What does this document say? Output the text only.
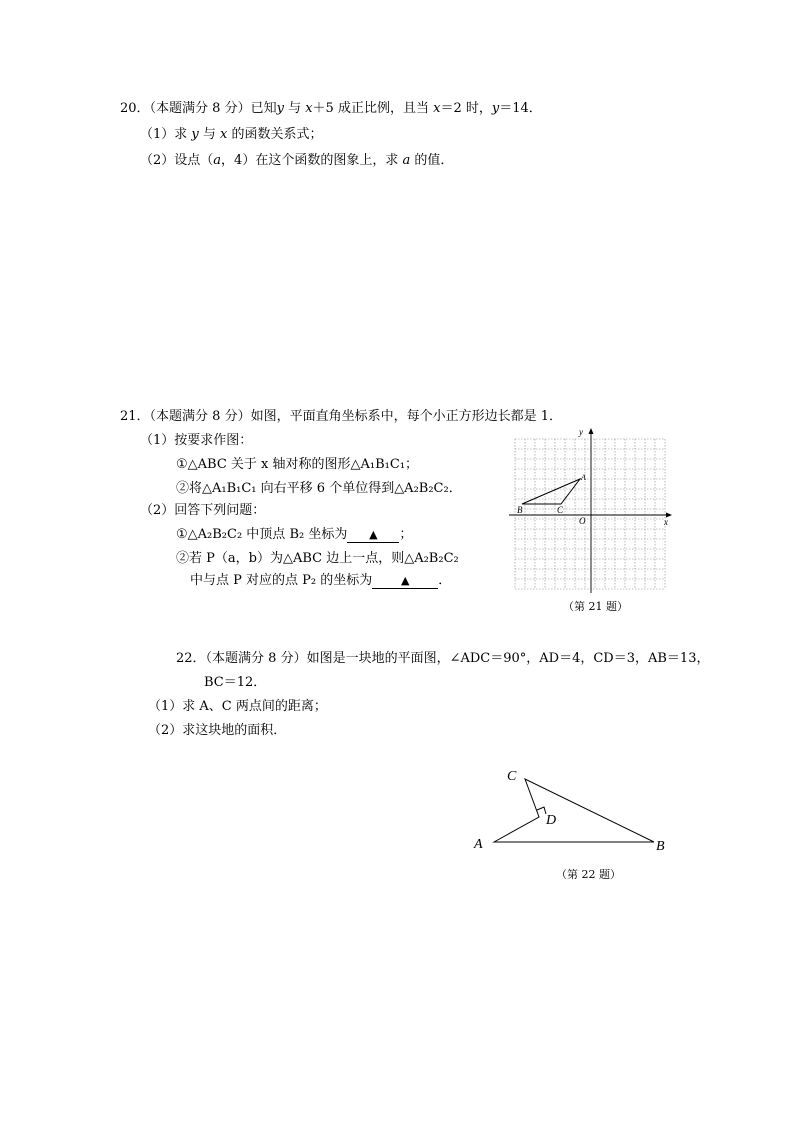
20．（本题满分 8 分）已知y 与 x＋5 成正比例，且当 x＝2 时，y＝14．
（1）求 y 与 x 的函数关系式；
（2）设点（a，4）在这个函数的图象上，求 a 的值．
21．（本题满分 8 分）如图，平面直角坐标系中，每个小正方形边长都是 1．
（1）按要求作图：
①△ABC 关于 x 轴对称的图形△A₁B₁C₁；
②将△A₁B₁C₁ 向右平移 6 个单位得到△A₂B₂C₂．
（2）回答下列问题：
①△A₂B₂C₂ 中顶点 B₂ 坐标为 ▲ ；
②若 P（a，b）为△ABC 边上一点，则△A₂B₂C₂
中与点 P 对应的点 P₂ 的坐标为	▲ ．
x
y
O
A
B	C
（第 21 题）
22．（本题满分 8 分）如图是一块地的平面图，∠ADC＝90°，AD＝4，CD＝3，AB＝13，
BC＝12．
（1）求 A、C 两点间的距离；
（2）求这块地的面积．
A	B
C
D
（第 22 题）
